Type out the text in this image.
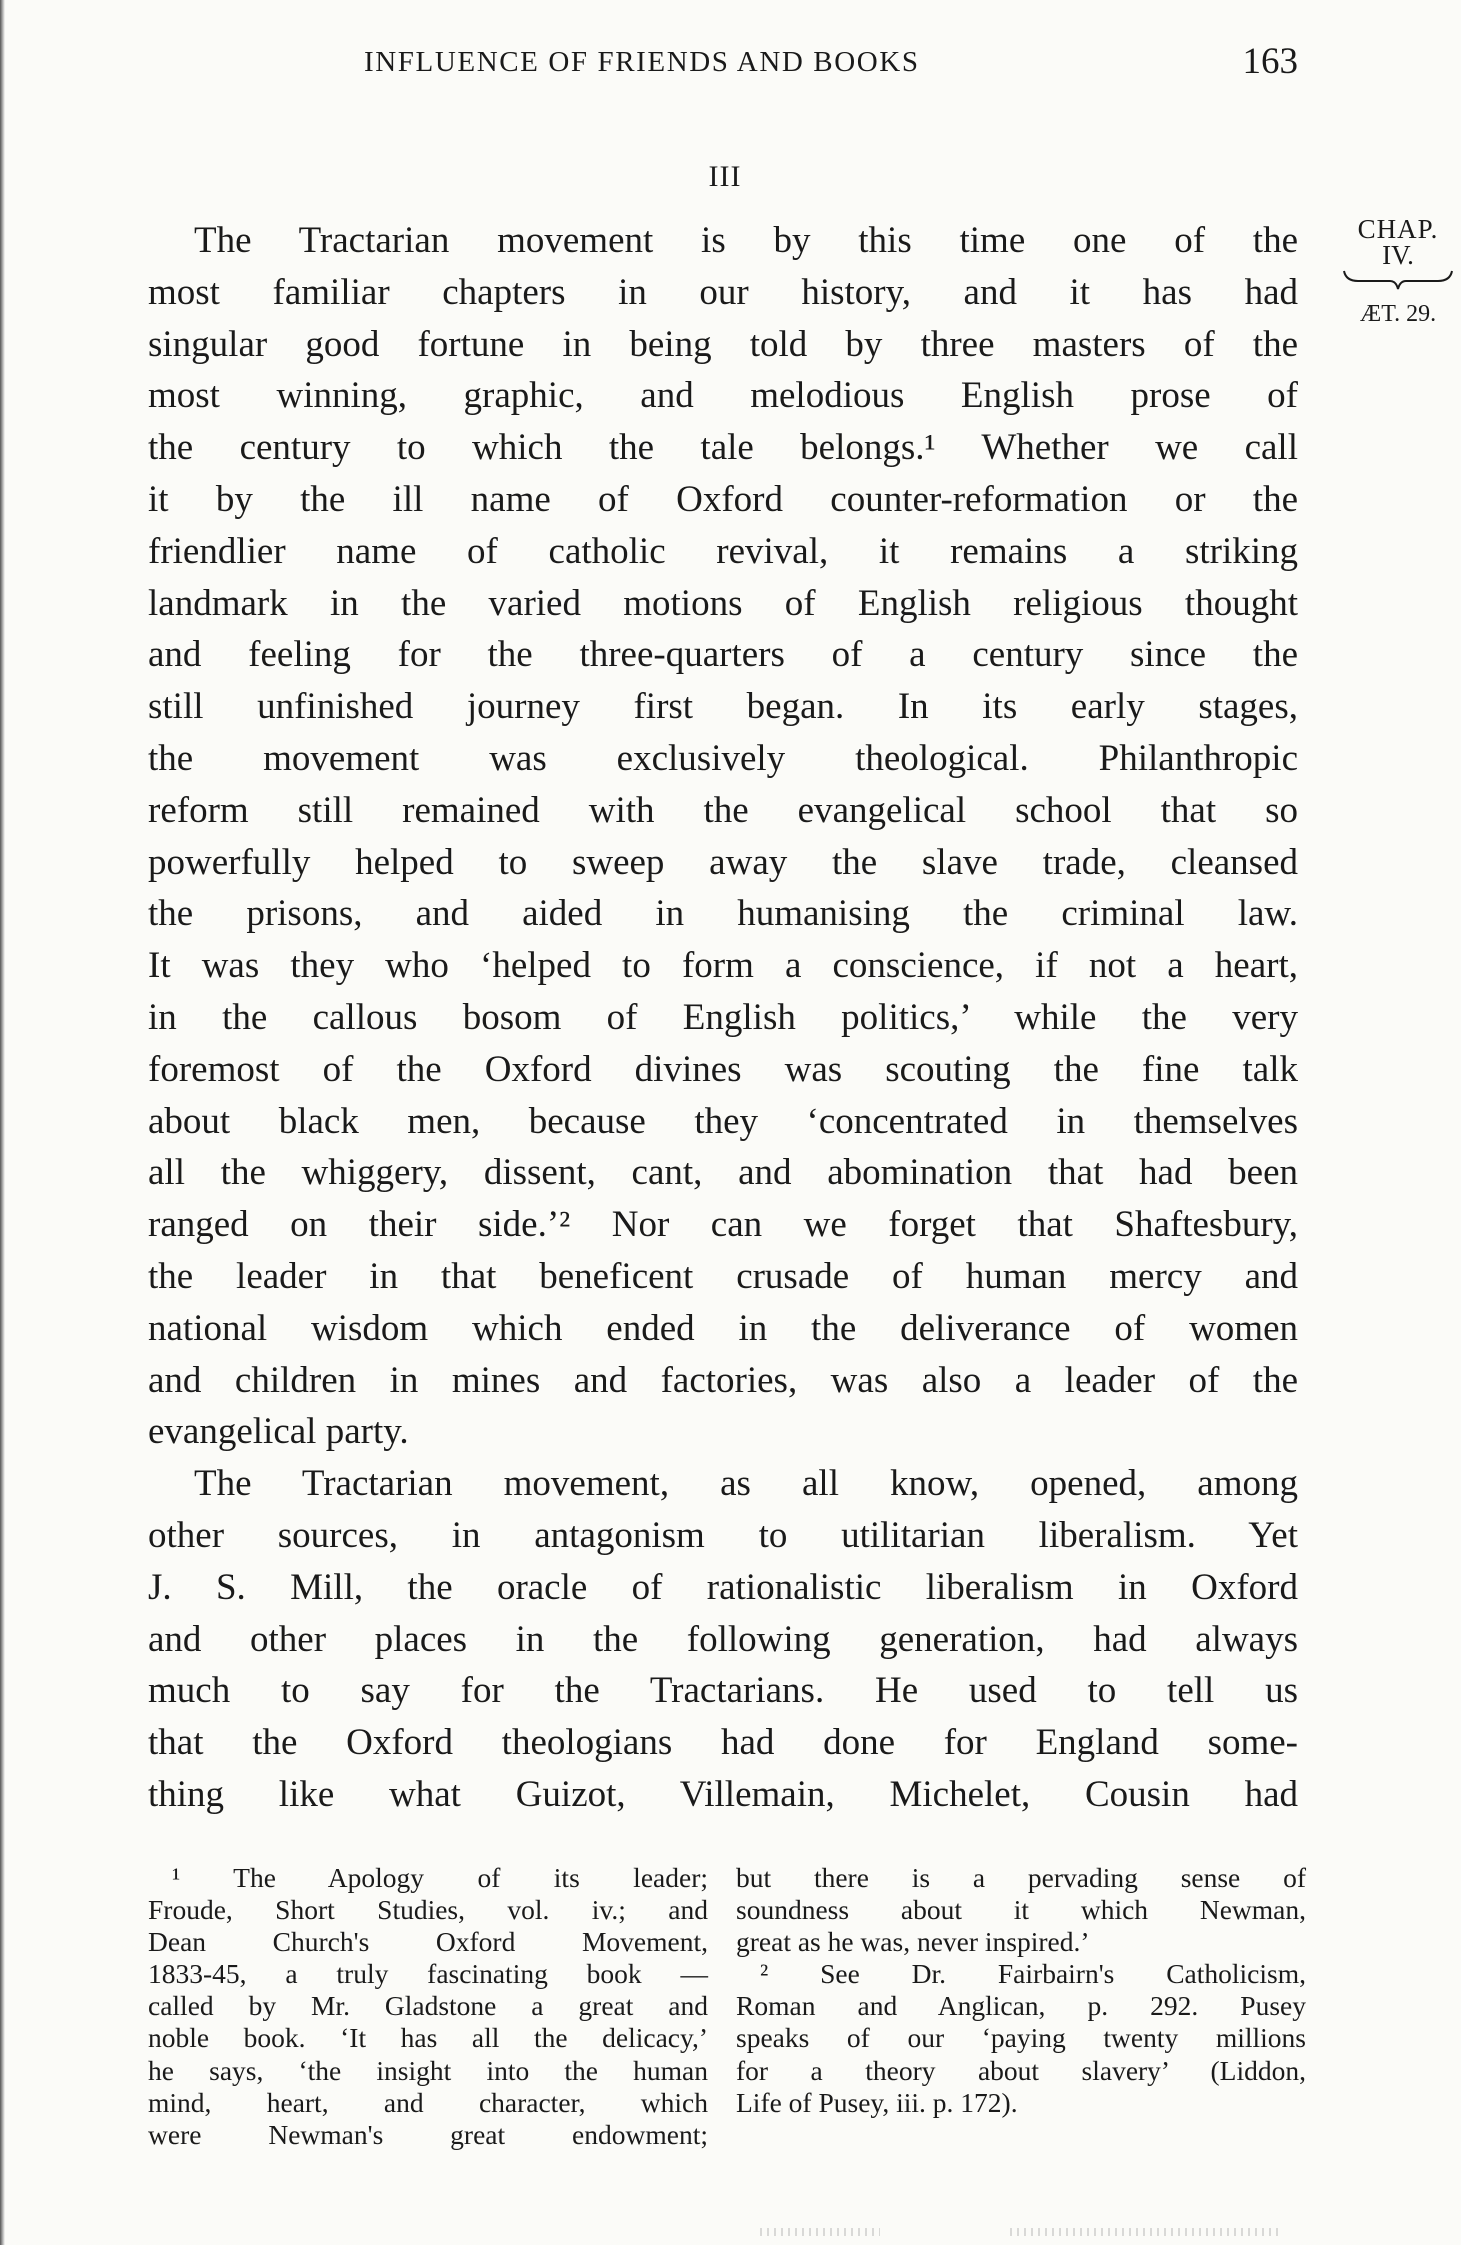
INFLUENCE OF FRIENDS AND BOOKS	163
III
CHAP.
IV.
ÆT. 29.
The Tractarian movement is by this time one of the
most familiar chapters in our history, and it has had
singular good fortune in being told by three masters of the
most winning, graphic, and melodious English prose of
the century to which the tale belongs.¹ Whether we call
it by the ill name of Oxford counter-reformation or the
friendlier name of catholic revival, it remains a striking
landmark in the varied motions of English religious thought
and feeling for the three-quarters of a century since the
still unfinished journey first began. In its early stages,
the movement was exclusively theological. Philanthropic
reform still remained with the evangelical school that so
powerfully helped to sweep away the slave trade, cleansed
the prisons, and aided in humanising the criminal law.
It was they who ‘helped to form a conscience, if not a heart,
in the callous bosom of English politics,’ while the very
foremost of the Oxford divines was scouting the fine talk
about black men, because they ‘concentrated in themselves
all the whiggery, dissent, cant, and abomination that had been
ranged on their side.’² Nor can we forget that Shaftesbury,
the leader in that beneficent crusade of human mercy and
national wisdom which ended in the deliverance of women
and children in mines and factories, was also a leader of the
evangelical party.
The Tractarian movement, as all know, opened, among
other sources, in antagonism to utilitarian liberalism. Yet
J. S. Mill, the oracle of rationalistic liberalism in Oxford
and other places in the following generation, had always
much to say for the Tractarians. He used to tell us
that the Oxford theologians had done for England some-
thing like what Guizot, Villemain, Michelet, Cousin had
¹ The Apology of its leader;
Froude, Short Studies, vol. iv.; and
Dean Church's Oxford Movement,
1833-45, a truly fascinating book —
called by Mr. Gladstone a great and
noble book. ‘It has all the delicacy,’
he says, ‘the insight into the human
mind, heart, and character, which
were Newman's great endowment;
but there is a pervading sense of
soundness about it which Newman,
great as he was, never inspired.’
² See Dr. Fairbairn's Catholicism,
Roman and Anglican, p. 292. Pusey
speaks of our ‘paying twenty millions
for a theory about slavery’ (Liddon,
Life of Pusey, iii. p. 172).
